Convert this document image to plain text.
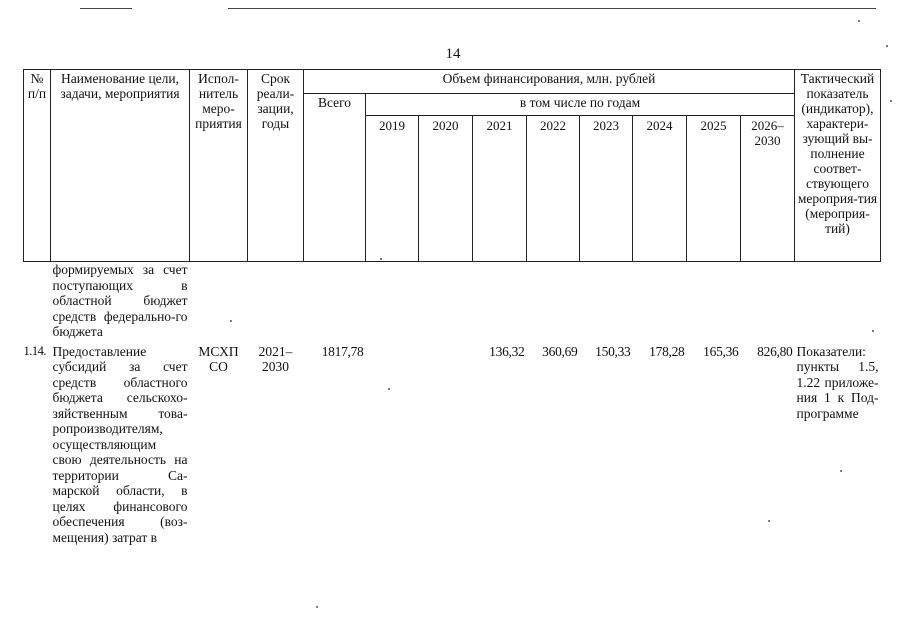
14
№ п/п	Наименование цели, задачи, мероприятия	Испол-нитель меро-приятия	Срок реали-зации, годы	Объем финансирования, млн. рублей									Тактический показатель (индикатор), характери-зующий вы-полнение соответ-ствующего мероприя-тия (мероприя-тий)
				Всего	в том числе по годам								
					2019	2020	2021	2022	2023	2024	2025	2026–2030	
	формируемых за счет поступающих в областной бюджет средств федерально-го бюджета												
1.14.	Предоставление субсидий за счет средств областного бюджета сельскохо-зяйственным това-ропроизводителям, осуществляющим свою деятельность на территории Са-марской области, в целях финансового обеспечения (воз-мещения) затрат в	МСХП СО	2021– 2030	1817,78			136,32	360,69	150,33	178,28	165,36	826,80	Показатели: пункты 1.5, 1.22 приложе-ния 1 к Под-программе
